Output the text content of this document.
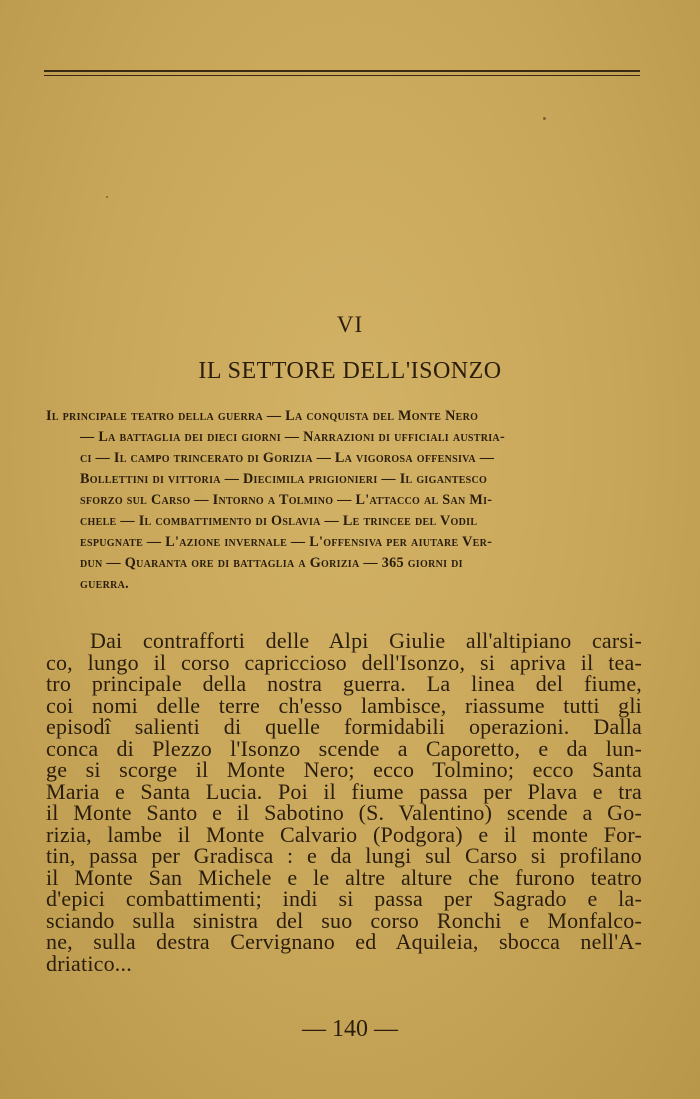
VI
IL SETTORE DELL'ISONZO
Il principale teatro della guerra — La conquista del Monte Nero
— La battaglia dei dieci giorni — Narrazioni di ufficiali austria-
ci — Il campo trincerato di Gorizia — La vigorosa offensiva —
Bollettini di vittoria — Diecimila prigionieri — Il gigantesco
sforzo sul Carso — Intorno a Tolmino — L'attacco al San Mi-
chele — Il combattimento di Oslavia — Le trincee del Vodil
espugnate — L'azione invernale — L'offensiva per aiutare Ver-
dun — Quaranta ore di battaglia a Gorizia — 365 giorni di
guerra.
Dai contrafforti delle Alpi Giulie all'altipiano carsi-
co, lungo il corso capriccioso dell'Isonzo, si apriva il tea-
tro principale della nostra guerra. La linea del fiume,
coi nomi delle terre ch'esso lambisce, riassume tutti gli
episodî salienti di quelle formidabili operazioni. Dalla
conca di Plezzo l'Isonzo scende a Caporetto, e da lun-
ge si scorge il Monte Nero; ecco Tolmino; ecco Santa
Maria e Santa Lucia. Poi il fiume passa per Plava e tra
il Monte Santo e il Sabotino (S. Valentino) scende a Go-
rizia, lambe il Monte Calvario (Podgora) e il monte For-
tin, passa per Gradisca : e da lungi sul Carso si profilano
il Monte San Michele e le altre alture che furono teatro
d'epici combattimenti; indi si passa per Sagrado e la-
sciando sulla sinistra del suo corso Ronchi e Monfalco-
ne, sulla destra Cervignano ed Aquileia, sbocca nell'A-
driatico...
— 140 —
